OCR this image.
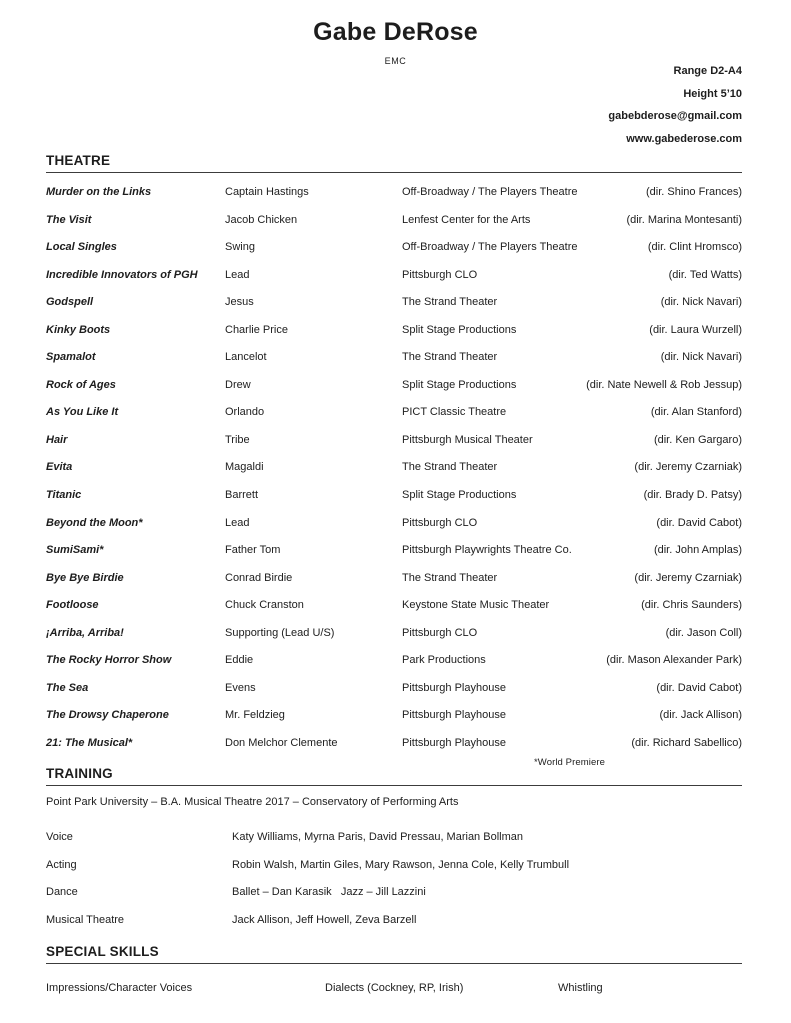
Gabe DeRose
EMC
Range D2-A4
Height 5’10
gabebderose@gmail.com
www.gabederose.com
THEATRE
Murder on the Links	Captain Hastings	Off-Broadway / The Players Theatre	(dir. Shino Frances)
The Visit	Jacob Chicken	Lenfest Center for the Arts	(dir. Marina Montesanti)
Local Singles	Swing	Off-Broadway / The Players Theatre	(dir. Clint Hromsco)
Incredible Innovators of PGH	Lead	Pittsburgh CLO	(dir. Ted Watts)
Godspell	Jesus	The Strand Theater	(dir. Nick Navari)
Kinky Boots	Charlie Price	Split Stage Productions	(dir. Laura Wurzell)
Spamalot	Lancelot	The Strand Theater	(dir. Nick Navari)
Rock of Ages	Drew	Split Stage Productions	(dir. Nate Newell & Rob Jessup)
As You Like It	Orlando	PICT Classic Theatre	(dir. Alan Stanford)
Hair	Tribe	Pittsburgh Musical Theater	(dir. Ken Gargaro)
Evita	Magaldi	The Strand Theater	(dir. Jeremy Czarniak)
Titanic	Barrett	Split Stage Productions	(dir. Brady D. Patsy)
Beyond the Moon*	Lead	Pittsburgh CLO	(dir. David Cabot)
SumiSami*	Father Tom	Pittsburgh Playwrights Theatre Co.	(dir. John Amplas)
Bye Bye Birdie	Conrad Birdie	The Strand Theater	(dir. Jeremy Czarniak)
Footloose	Chuck Cranston	Keystone State Music Theater	(dir. Chris Saunders)
¡Arriba, Arriba!	Supporting (Lead U/S)	Pittsburgh CLO	(dir. Jason Coll)
The Rocky Horror Show	Eddie	Park Productions	(dir. Mason Alexander Park)
The Sea	Evens	Pittsburgh Playhouse	(dir. David Cabot)
The Drowsy Chaperone	Mr. Feldzieg	Pittsburgh Playhouse	(dir. Jack Allison)
21: The Musical*	Don Melchor Clemente	Pittsburgh Playhouse	(dir. Richard Sabellico)
TRAINING
*World Premiere
Point Park University – B.A. Musical Theatre 2017 – Conservatory of Performing Arts
Voice	Katy Williams, Myrna Paris, David Pressau, Marian Bollman
Acting	Robin Walsh, Martin Giles, Mary Rawson, Jenna Cole, Kelly Trumbull
Dance	Ballet – Dan Karasik   Jazz – Jill Lazzini
Musical Theatre	Jack Allison, Jeff Howell, Zeva Barzell
SPECIAL SKILLS
Impressions/Character Voices	Dialects (Cockney, RP, Irish)	Whistling
